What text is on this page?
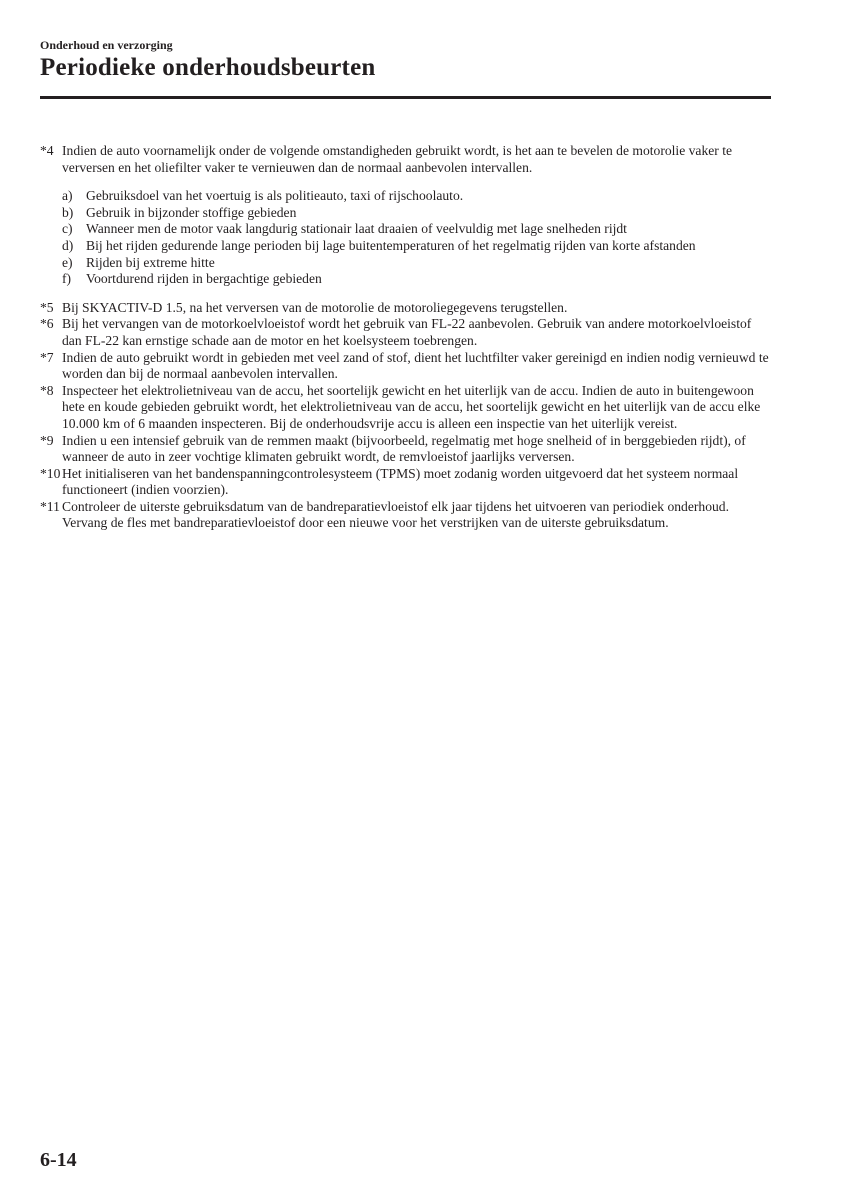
Onderhoud en verzorging
Periodieke onderhoudsbeurten
*4 Indien de auto voornamelijk onder de volgende omstandigheden gebruikt wordt, is het aan te bevelen de motorolie vaker te verversen en het oliefilter vaker te vernieuwen dan de normaal aanbevolen intervallen.
a) Gebruiksdoel van het voertuig is als politieauto, taxi of rijschoolauto.
b) Gebruik in bijzonder stoffige gebieden
c) Wanneer men de motor vaak langdurig stationair laat draaien of veelvuldig met lage snelheden rijdt
d) Bij het rijden gedurende lange perioden bij lage buitentemperaturen of het regelmatig rijden van korte afstanden
e) Rijden bij extreme hitte
f)	Voortdurend rijden in bergachtige gebieden
*5 Bij SKYACTIV-D 1.5, na het verversen van de motorolie de motoroliegegevens terugstellen.
*6 Bij het vervangen van de motorkoelvloeistof wordt het gebruik van FL-22 aanbevolen. Gebruik van andere motorkoelvloeistof dan FL-22 kan ernstige schade aan de motor en het koelsysteem toebrengen.
*7 Indien de auto gebruikt wordt in gebieden met veel zand of stof, dient het luchtfilter vaker gereinigd en indien nodig vernieuwd te worden dan bij de normaal aanbevolen intervallen.
*8 Inspecteer het elektrolietniveau van de accu, het soortelijk gewicht en het uiterlijk van de accu. Indien de auto in buitengewoon hete en koude gebieden gebruikt wordt, het elektrolietniveau van de accu, het soortelijk gewicht en het uiterlijk van de accu elke 10.000 km of 6 maanden inspecteren. Bij de onderhoudsvrije accu is alleen een inspectie van het uiterlijk vereist.
*9 Indien u een intensief gebruik van de remmen maakt (bijvoorbeeld, regelmatig met hoge snelheid of in berggebieden rijdt), of wanneer de auto in zeer vochtige klimaten gebruikt wordt, de remvloeistof jaarlijks verversen.
*10 Het initialiseren van het bandenspanningcontrolesysteem (TPMS) moet zodanig worden uitgevoerd dat het systeem normaal functioneert (indien voorzien).
*11 Controleer de uiterste gebruiksdatum van de bandreparatievloeistof elk jaar tijdens het uitvoeren van periodiek onderhoud. Vervang de fles met bandreparatievloeistof door een nieuwe voor het verstrijken van de uiterste gebruiksdatum.
6-14
